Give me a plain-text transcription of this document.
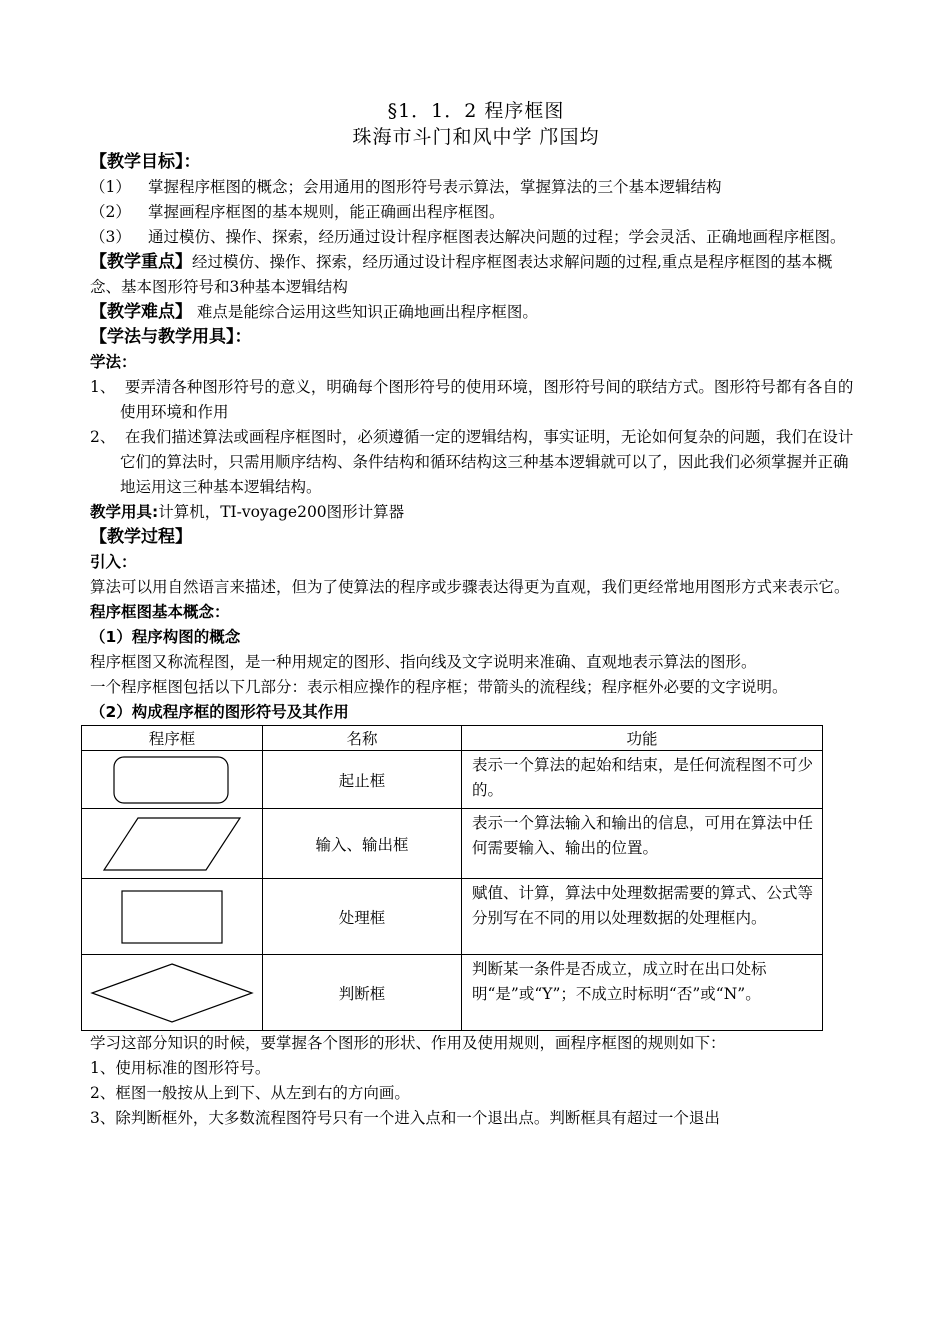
§1．1．2 程序框图
珠海市斗门和风中学 邝国均
【教学目标】：
（1）	掌握程序框图的概念；会用通用的图形符号表示算法，掌握算法的三个基本逻辑结构
（2）	掌握画程序框图的基本规则，能正确画出程序框图。
（3）	通过模仿、操作、探索，经历通过设计程序框图表达解决问题的过程；学会灵活、正确地画程序框图。

【教学重点】经过模仿、操作、探索，经历通过设计程序框图表达求解问题的过程,重点是程序框图的基本概念、基本图形符号和3种基本逻辑结构

【教学难点】 难点是能综合运用这些知识正确地画出程序框图。

【学法与教学用具】：

学法：

1、 要弄清各种图形符号的意义，明确每个图形符号的使用环境，图形符号间的联结方式。图形符号都有各自的使用环境和作用

2、 在我们描述算法或画程序框图时，必须遵循一定的逻辑结构，事实证明，无论如何复杂的问题，我们在设计它们的算法时，只需用顺序结构、条件结构和循环结构这三种基本逻辑就可以了，因此我们必须掌握并正确地运用这三种基本逻辑结构。

教学用具:计算机，TI-voyage200图形计算器

【教学过程】

引入：

算法可以用自然语言来描述，但为了使算法的程序或步骤表达得更为直观，我们更经常地用图形方式来表示它。

程序框图基本概念：

（1）程序构图的概念

程序框图又称流程图，是一种用规定的图形、指向线及文字说明来准确、直观地表示算法的图形。

一个程序框图包括以下几部分：表示相应操作的程序框；带箭头的流程线；程序框外必要的文字说明。

（2）构成程序框的图形符号及其作用

程序框	名称	功能

	起止框	表示一个算法的起始和结束，是任何流程图不可少的。

	输入、输出框	表示一个算法输入和输出的信息，可用在算法中任何需要输入、输出的位置。

	处理框	赋值、计算，算法中处理数据需要的算式、公式等分别写在不同的用以处理数据的处理框内。

	判断框	判断某一条件是否成立，成立时在出口处标明“是”或“Y”；不成立时标明“否”或“N”。

学习这部分知识的时候，要掌握各个图形的形状、作用及使用规则，画程序框图的规则如下：

1、使用标准的图形符号。

2、框图一般按从上到下、从左到右的方向画。

3、除判断框外，大多数流程图符号只有一个进入点和一个退出点。判断框具有超过一个退出
